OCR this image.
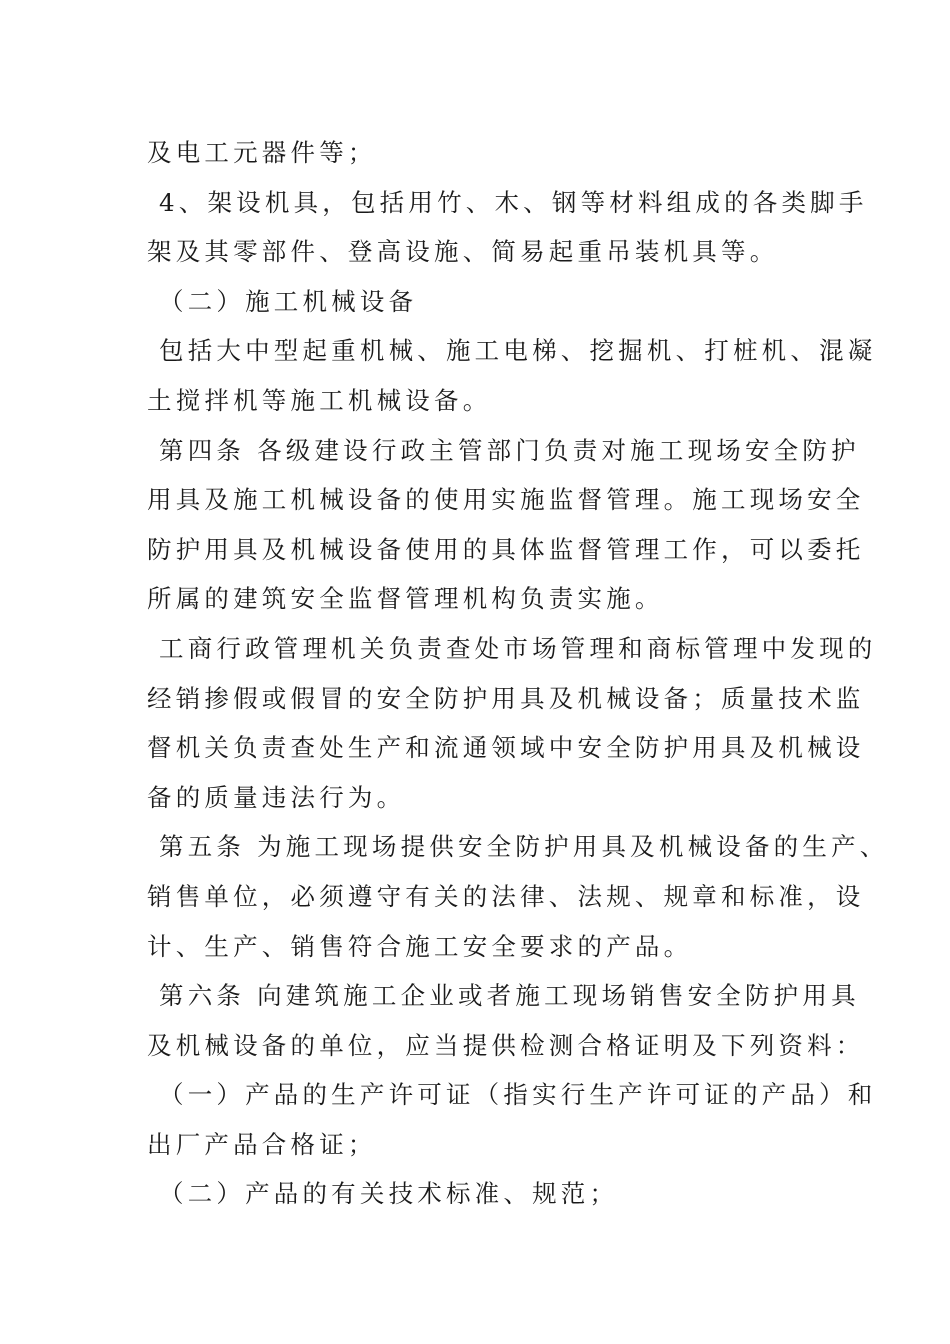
及电工元器件等；
4、架设机具，包括用竹、木、钢等材料组成的各类脚手
架及其零部件、登高设施、简易起重吊装机具等。
（二）施工机械设备
包括大中型起重机械、施工电梯、挖掘机、打桩机、混凝
土搅拌机等施工机械设备。
第四条 各级建设行政主管部门负责对施工现场安全防护
用具及施工机械设备的使用实施监督管理。施工现场安全
防护用具及机械设备使用的具体监督管理工作，可以委托
所属的建筑安全监督管理机构负责实施。
工商行政管理机关负责查处市场管理和商标管理中发现的
经销掺假或假冒的安全防护用具及机械设备；质量技术监
督机关负责查处生产和流通领域中安全防护用具及机械设
备的质量违法行为。
第五条 为施工现场提供安全防护用具及机械设备的生产、
销售单位，必须遵守有关的法律、法规、规章和标准，设
计、生产、销售符合施工安全要求的产品。
第六条 向建筑施工企业或者施工现场销售安全防护用具
及机械设备的单位，应当提供检测合格证明及下列资料：
（一）产品的生产许可证（指实行生产许可证的产品）和
出厂产品合格证；
（二）产品的有关技术标准、规范；
